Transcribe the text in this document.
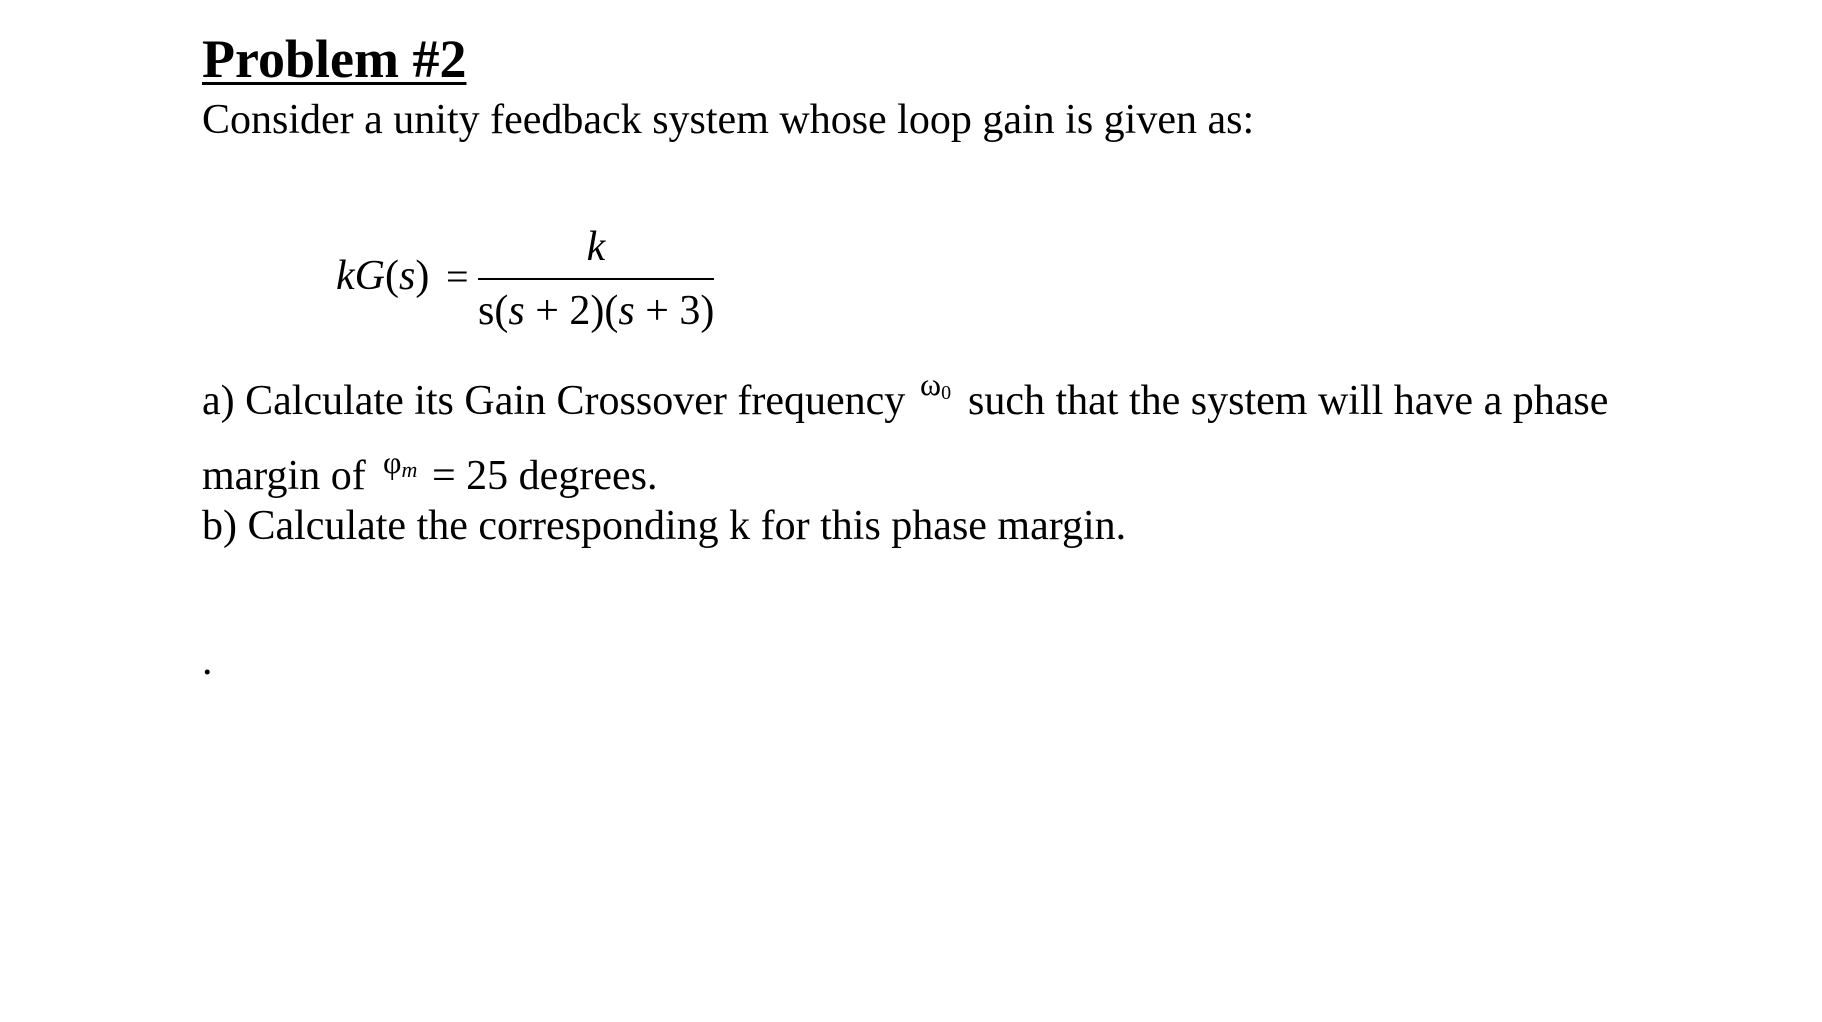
Problem #2
Consider a unity feedback system whose loop gain is given as:
kG(s) =
k
s(s + 2)(s + 3)
a) Calculate its Gain Crossover frequency $\omega_0$ such that the system will have a phase
margin of $\varphi_m = 25$ degrees.
b) Calculate the corresponding k for this phase margin.
.
